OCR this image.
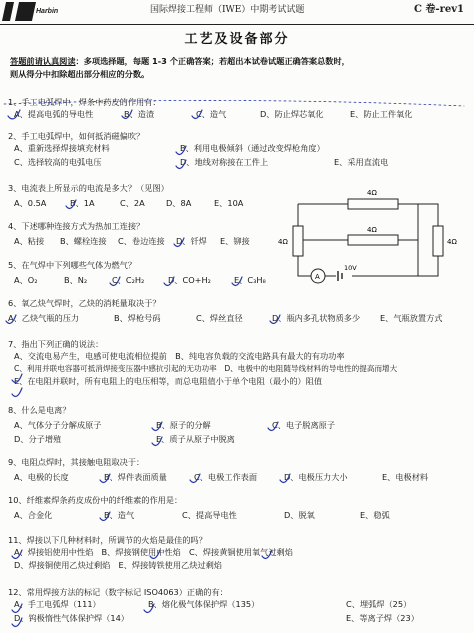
Harbin	国际焊接工程师（IWE）中期考试试题	C 卷-rev1
工艺及设备部分
答题前请认真阅读：多项选择题，每题 1-3 个正确答案；若超出本试卷试题正确答案总数时，
则从得分中扣除超出部分相应的分数。
4Ω
4Ω
4Ω	4Ω
A
10V
1、手工电弧焊中，焊条中药皮的作用有：
A、提高电弧的导电性	B、造渣	C、造气	D、防止焊芯氧化	E、防止工件氧化
2、手工电弧焊中，如何抵消磁偏吹？
A、重新选择焊接填充材料	B、利用电极倾斜（通过改变焊枪角度）
C、选择较高的电弧电压	D、地线对称接在工件上	E、采用直流电
3、电流表上所显示的电流是多大？（见图）
A、0.5A	B、1A	C、2A	D、8A	E、10A
4、下述哪种连接方式为热加工连接？
A、粘接 B、螺栓连接 C、卷边连接 D、钎焊 E、铆接
5、在气焊中下列哪些气体为燃气？
A、O₂	B、N₂	C、C₂H₂	D、CO+H₂	E、C₃H₈
6、氧乙炔气焊时，乙炔的消耗量取决于？
A、乙炔气瓶的压力	B、焊枪号码	C、焊丝直径	D、瓶内多孔状物质多少 E、气瓶放置方式
7、指出下列正确的说法：
A、交流电易产生，电感可使电流相位提前　B、纯电容负载的交流电路具有最大的有功功率
C、利用并联电容器可抵消焊接变压器中感抗引起的无功功率　D、电极中的电阻随导线材料的导电性的提高而增大
E、在电阻并联时，所有电阻上的电压相等，而总电阻值小于单个电阻（最小的）阻值
8、什么是电离？
A、气体分子分解成原子	B、原子的分解	C、电子脱离原子
D、分子增殖	E、质子从原子中脱离
9、电阻点焊时，其接触电阻取决于：
A、电极的长度	B、焊件表面质量	C、电极工作表面	D、电极压力大小	E、电极材料
10、纤维素焊条药皮成份中的纤维素的作用是：
A、合金化	B、造气	C、提高导电性	D、脱氧	E、稳弧
11、焊接以下几种材料时，所调节的火焰是最佳的吗？
A、焊接铝使用中性焰　B、焊接钢使用中性焰　C、焊接黄铜使用氧气过剩焰
D、焊接铜使用乙炔过剩焰　E、焊接铸铁使用乙炔过剩焰
12、常用焊接方法的标记（数字标记 ISO4063）正确的有：
A、手工电弧焊（111）	B、熔化极气体保护焊（135）	C、埋弧焊（25）
D、钨极惰性气体保护焊（14）	E、等离子焊（23）
